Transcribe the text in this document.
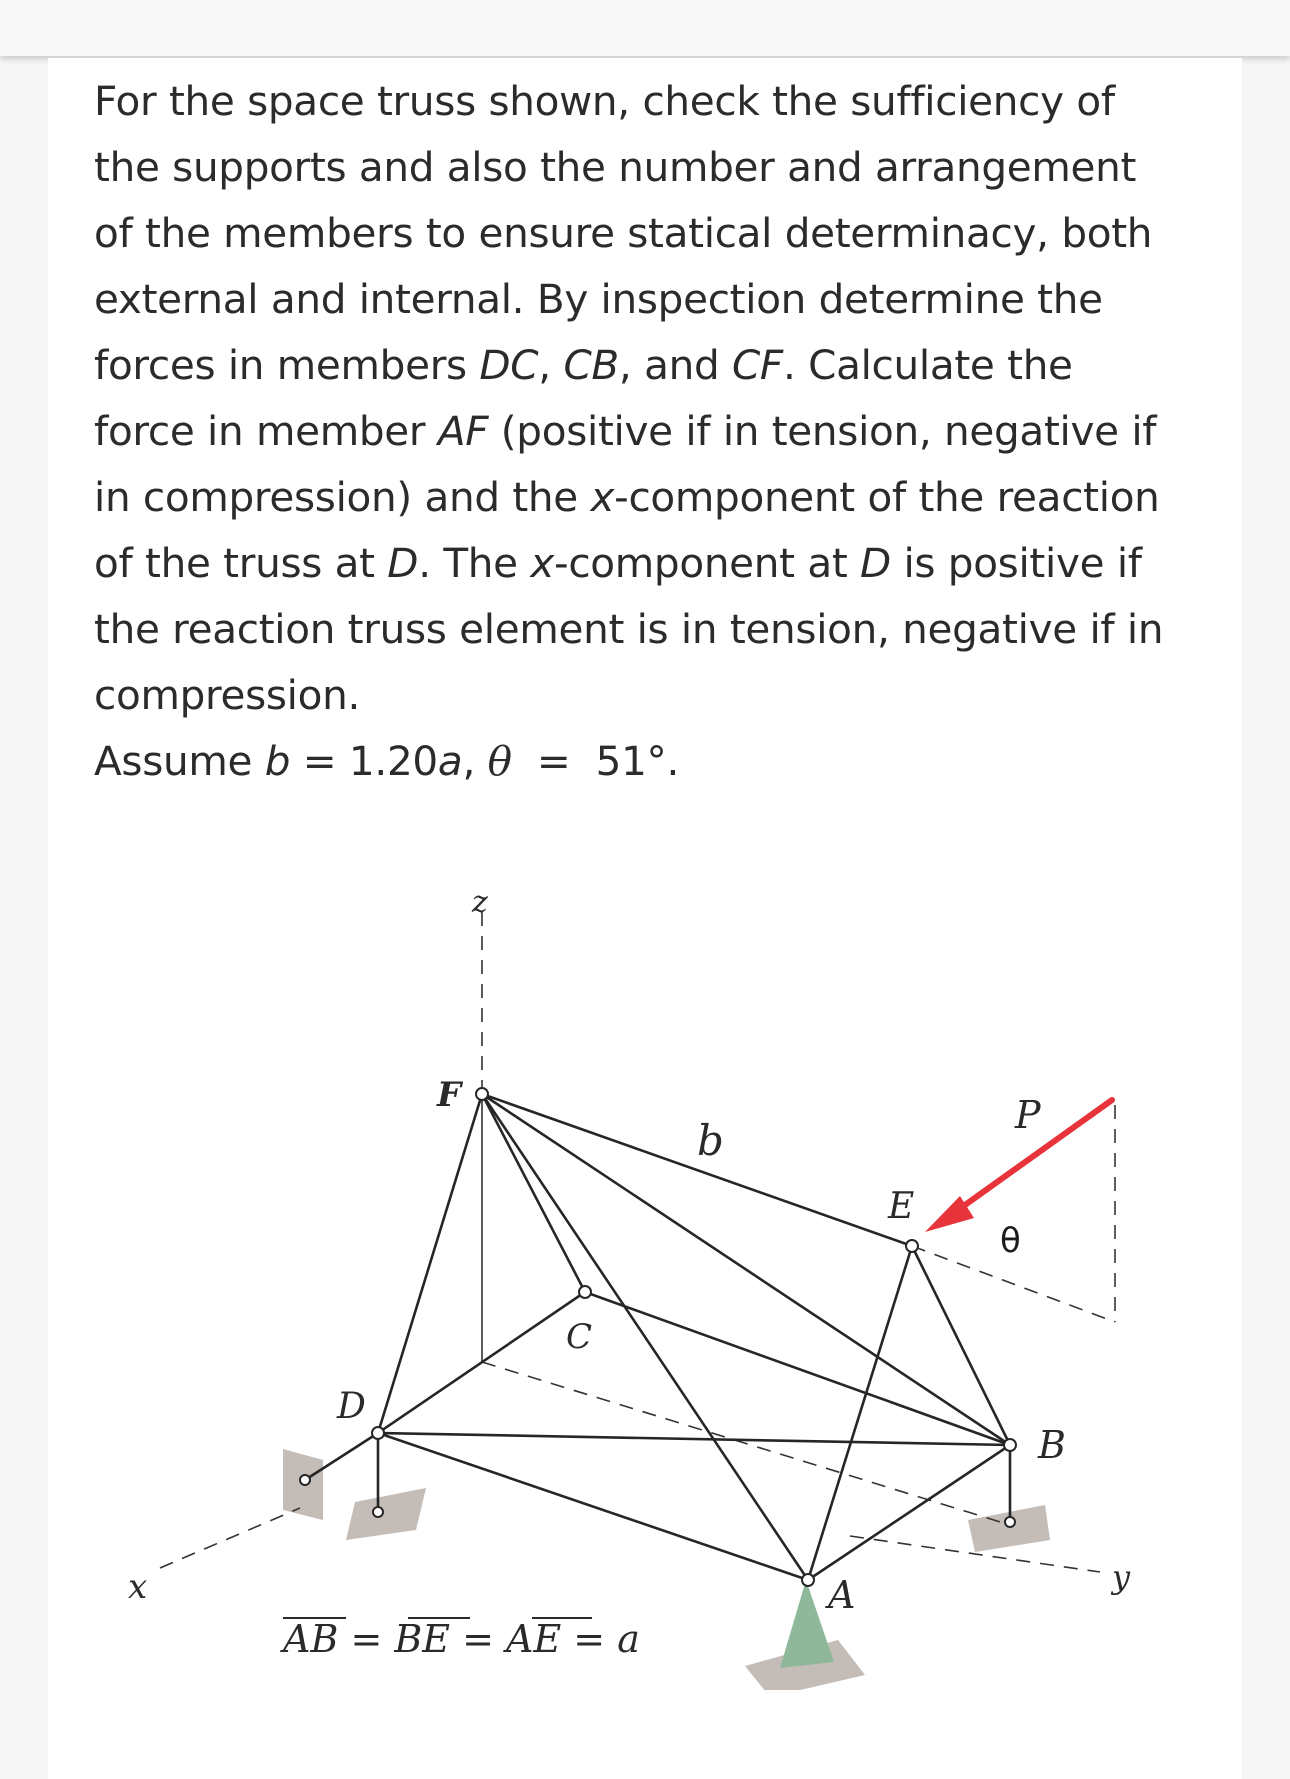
For the space truss shown, check the sufficiency of
the supports and also the number and arrangement
of the members to ensure statical determinacy, both
external and internal. By inspection determine the
forces in members DC, CB, and CF. Calculate the
force in member AF (positive if in tension, negative if
in compression) and the x-component of the reaction
of the truss at D. The x-component at D is positive if
the reaction truss element is in tension, negative if in
compression.
Assume b = 1.20a, θ  =  51°.
z
F
b
P
E
θ
C
D
B
x	A	y
AB = BE = AE = a
